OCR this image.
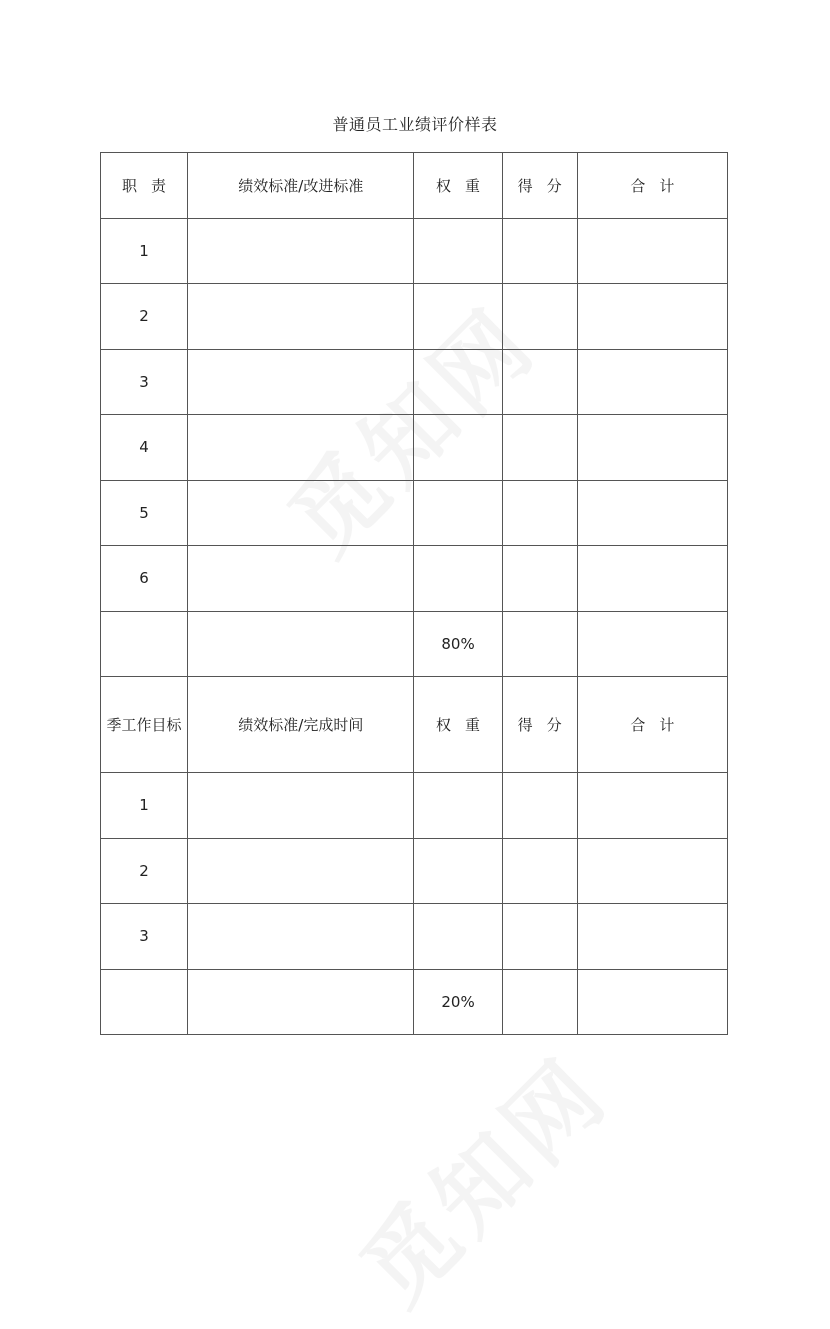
普通员工业绩评价样表
职责	绩效标准/改进标准	权重	得分	合计
1				
2				
3				
4				
5				
6				
		80%		
季工作目标	绩效标准/完成时间	权重	得分	合计
1				
2				
3				
		20%		
